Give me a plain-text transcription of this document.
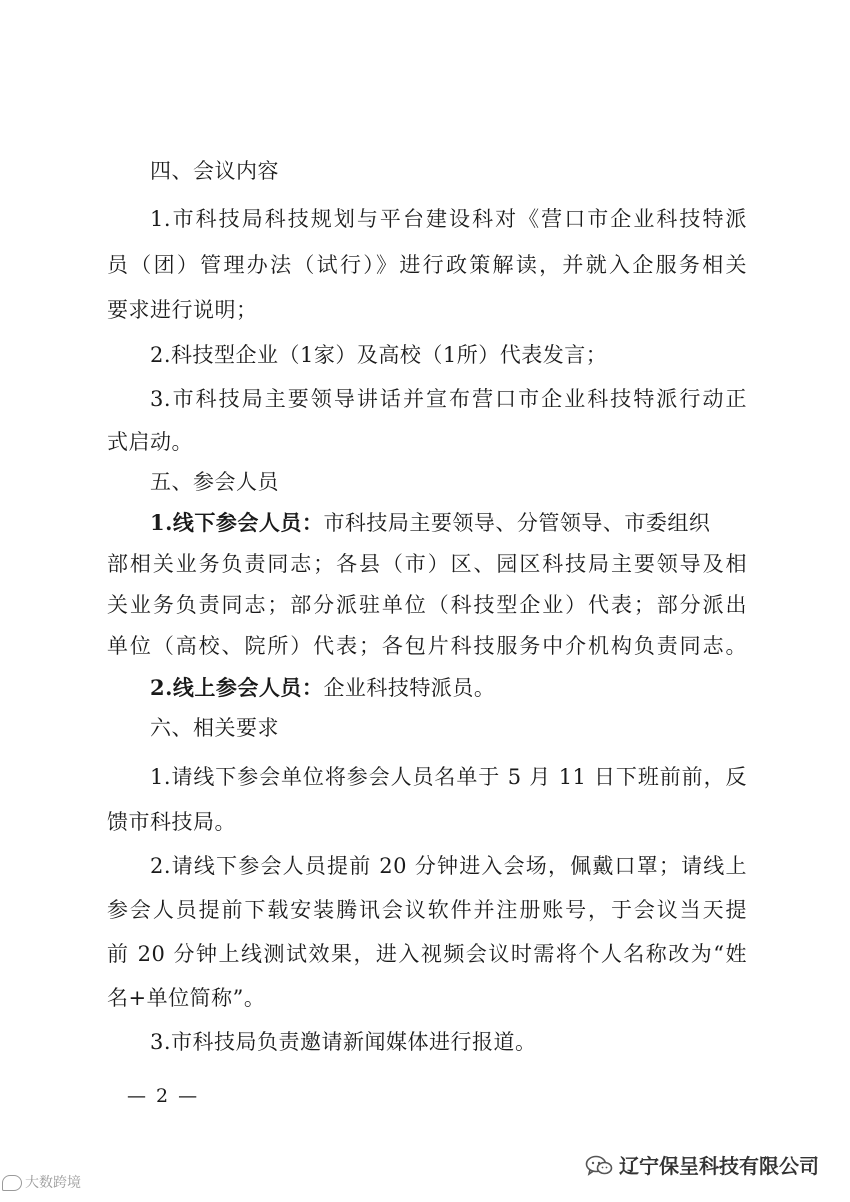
四、会议内容
1.市科技局科技规划与平台建设科对《营口市企业科技特派
员（团）管理办法（试行）》进行政策解读，并就入企服务相关
要求进行说明；
2.科技型企业（1家）及高校（1所）代表发言；
3.市科技局主要领导讲话并宣布营口市企业科技特派行动正
式启动。
五、参会人员
1.线下参会人员：市科技局主要领导、分管领导、市委组织
部相关业务负责同志；各县（市）区、园区科技局主要领导及相
关业务负责同志；部分派驻单位（科技型企业）代表；部分派出
单位（高校、院所）代表；各包片科技服务中介机构负责同志。
2.线上参会人员：企业科技特派员。
六、相关要求
1.请线下参会单位将参会人员名单于 5 月 11 日下班前前，反
馈市科技局。
2.请线下参会人员提前 20 分钟进入会场，佩戴口罩；请线上
参会人员提前下载安装腾讯会议软件并注册账号，于会议当天提
前 20 分钟上线测试效果，进入视频会议时需将个人名称改为“姓
名+单位简称”。
3.市科技局负责邀请新闻媒体进行报道。
— 2 —
大数跨境
辽宁保呈科技有限公司
